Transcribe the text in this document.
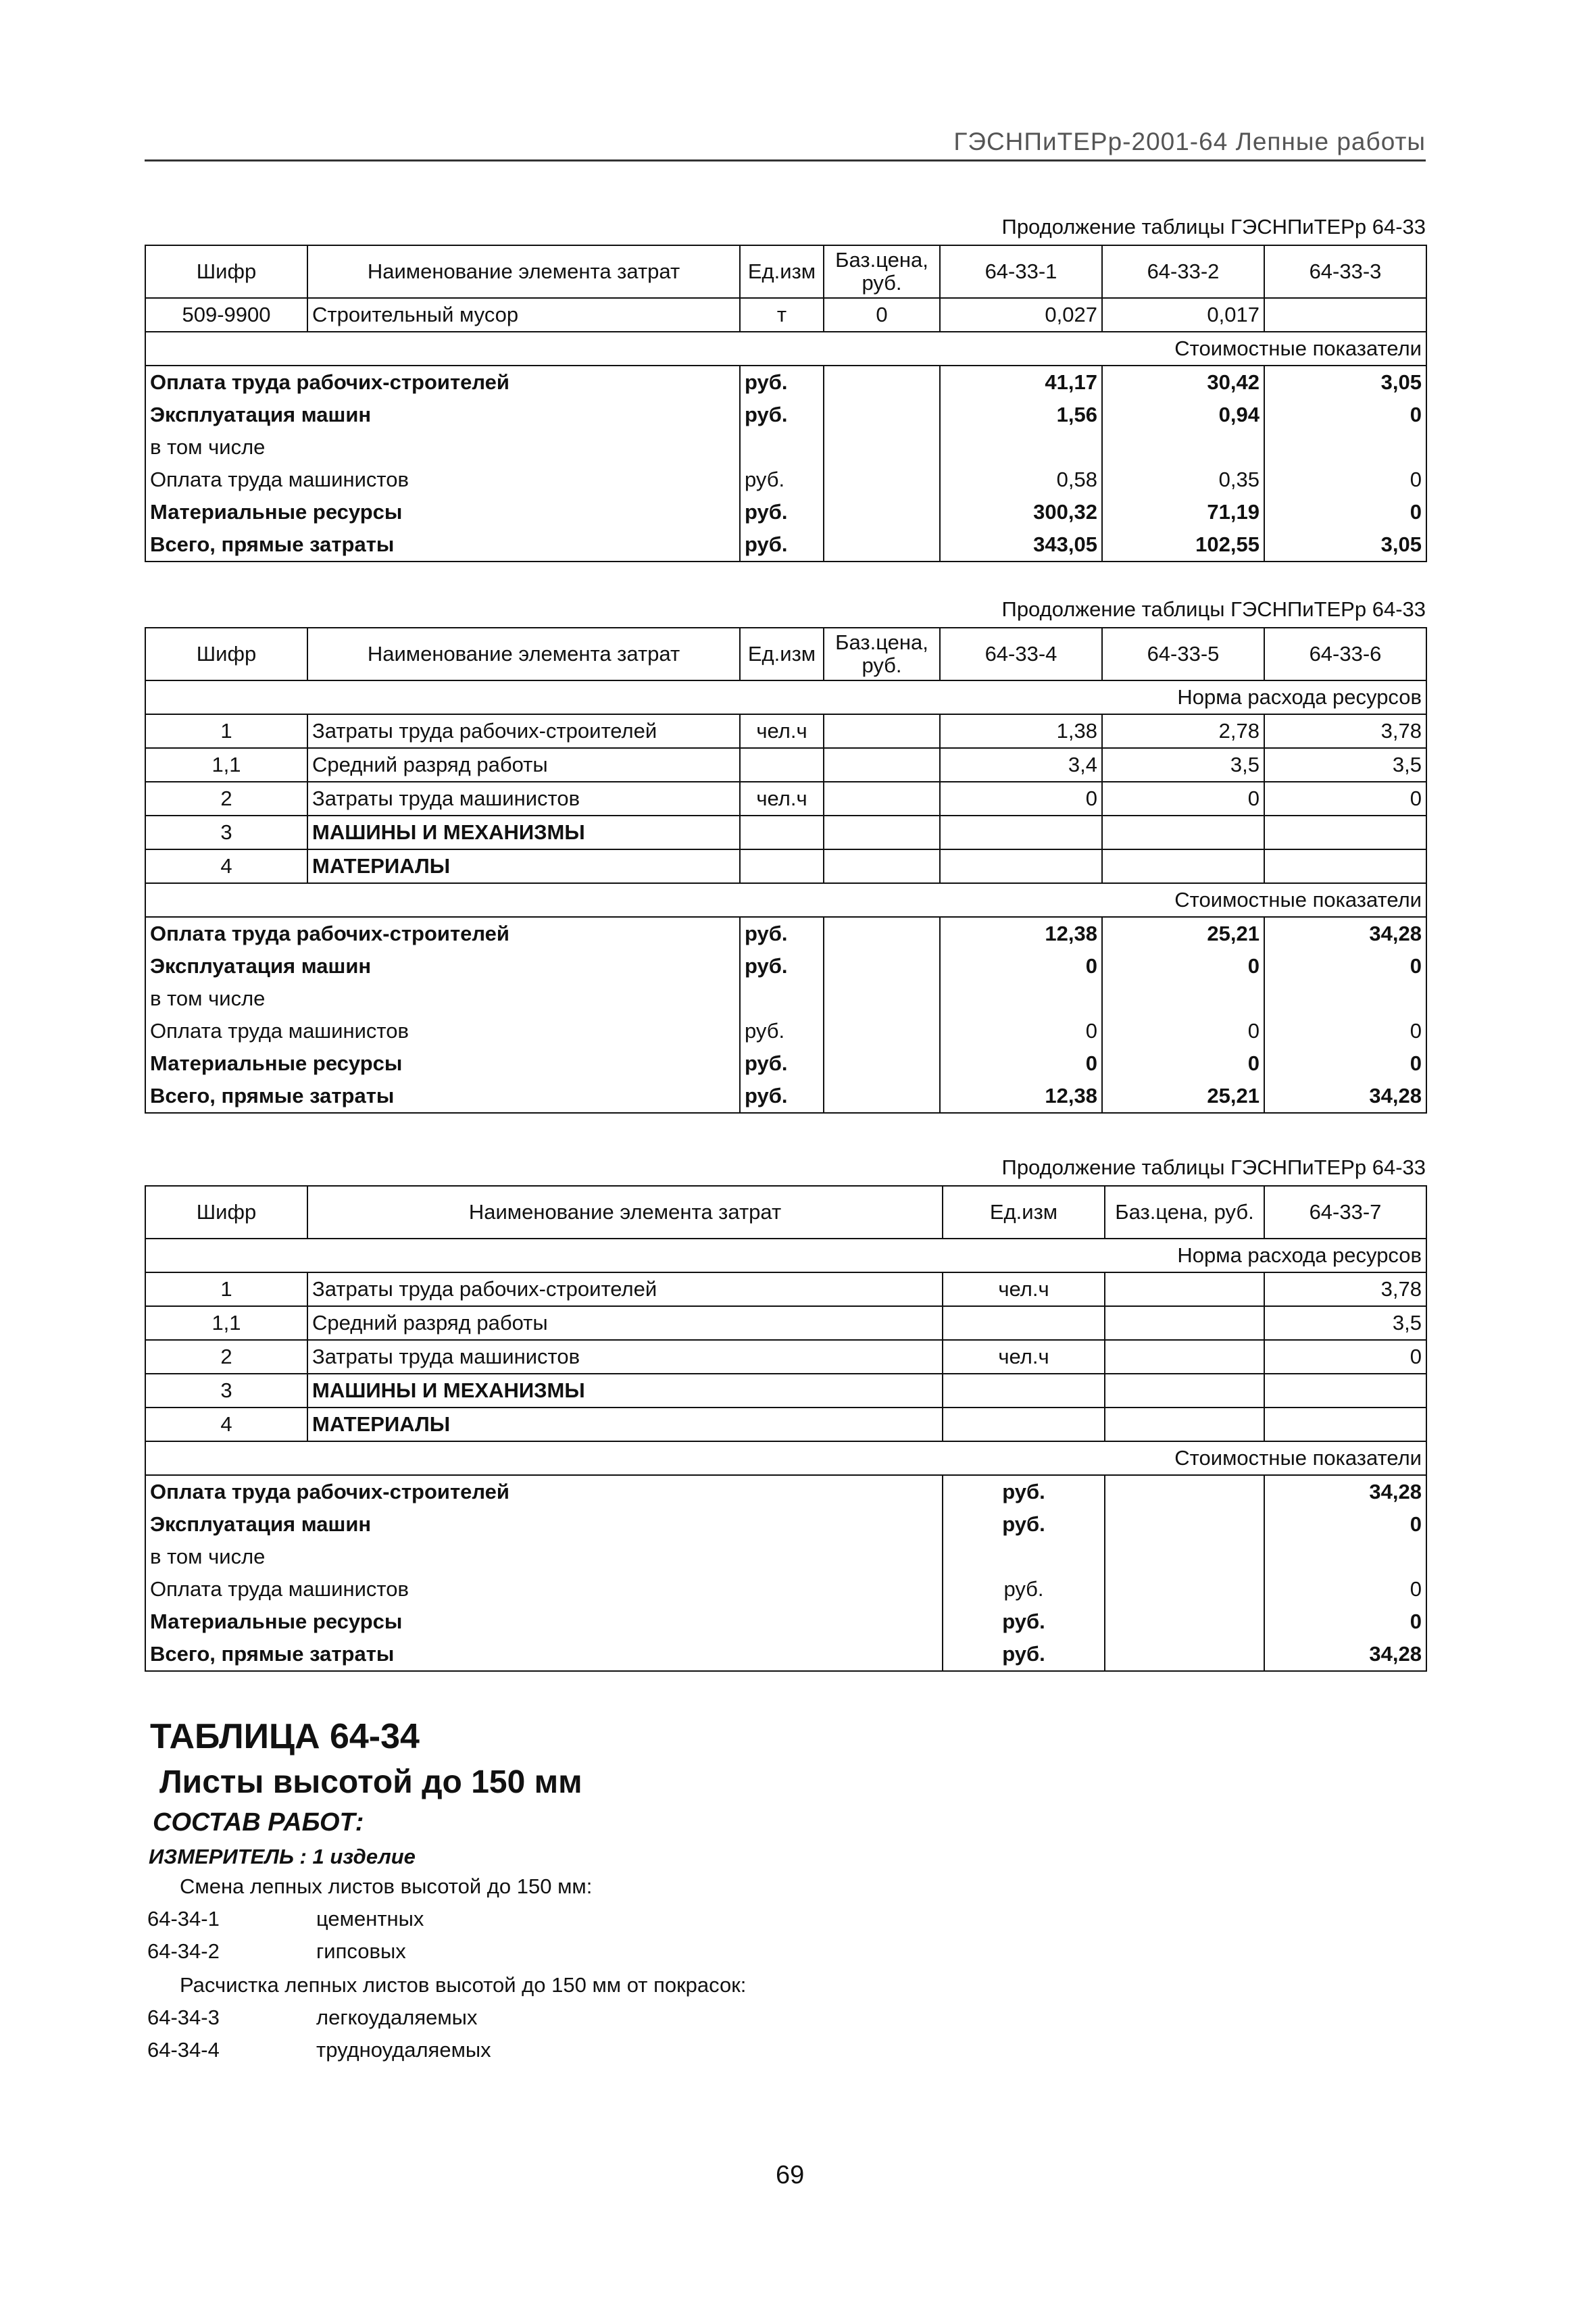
ГЭСНПиТЕРр-2001-64 Лепные работы
Продолжение таблицы ГЭСНПиТЕРр 64-33
Шифр	Наименование элемента затрат	Ед.изм	Баз.цена, руб.	64-33-1	64-33-2	64-33-3
509-9900	Строительный мусор	т	0	0,027	0,017	
Стоимостные показатели						
Оплата труда рабочих-строителей		руб.		41,17	30,42	3,05
Эксплуатация машин		руб.		1,56	0,94	0
в том числе						
Оплата труда машинистов		руб.		0,58	0,35	0
Материальные ресурсы		руб.		300,32	71,19	0
Всего, прямые затраты		руб.		343,05	102,55	3,05
Продолжение таблицы ГЭСНПиТЕРр 64-33
Шифр	Наименование элемента затрат	Ед.изм	Баз.цена, руб.	64-33-4	64-33-5	64-33-6
Норма расхода ресурсов						
1	Затраты труда рабочих-строителей	чел.ч		1,38	2,78	3,78
1,1	Средний разряд работы			3,4	3,5	3,5
2	Затраты труда машинистов	чел.ч		0	0	0
3	МАШИНЫ И МЕХАНИЗМЫ					
4	МАТЕРИАЛЫ					
Стоимостные показатели						
Оплата труда рабочих-строителей		руб.		12,38	25,21	34,28
Эксплуатация машин		руб.		0	0	0
в том числе						
Оплата труда машинистов		руб.		0	0	0
Материальные ресурсы		руб.		0	0	0
Всего, прямые затраты		руб.		12,38	25,21	34,28
Продолжение таблицы ГЭСНПиТЕРр 64-33
Шифр	Наименование элемента затрат	Ед.изм	Баз.цена, руб.	64-33-7
Норма расхода ресурсов				
1	Затраты труда рабочих-строителей	чел.ч		3,78
1,1	Средний разряд работы			3,5
2	Затраты труда машинистов	чел.ч		0
3	МАШИНЫ И МЕХАНИЗМЫ			
4	МАТЕРИАЛЫ			
Стоимостные показатели				
Оплата труда рабочих-строителей		руб.		34,28
Эксплуатация машин		руб.		0
в том числе				
Оплата труда машинистов		руб.		0
Материальные ресурсы		руб.		0
Всего, прямые затраты		руб.		34,28
ТАБЛИЦА 64-34
Листы высотой до 150 мм
СОСТАВ РАБОТ:
ИЗМЕРИТЕЛЬ : 1 изделие
Смена лепных листов высотой до 150 мм:
64-34-1	цементных
64-34-2	гипсовых
Расчистка лепных листов высотой до 150 мм от покрасок:
64-34-3	легкоудаляемых
64-34-4	трудноудаляемых
69
